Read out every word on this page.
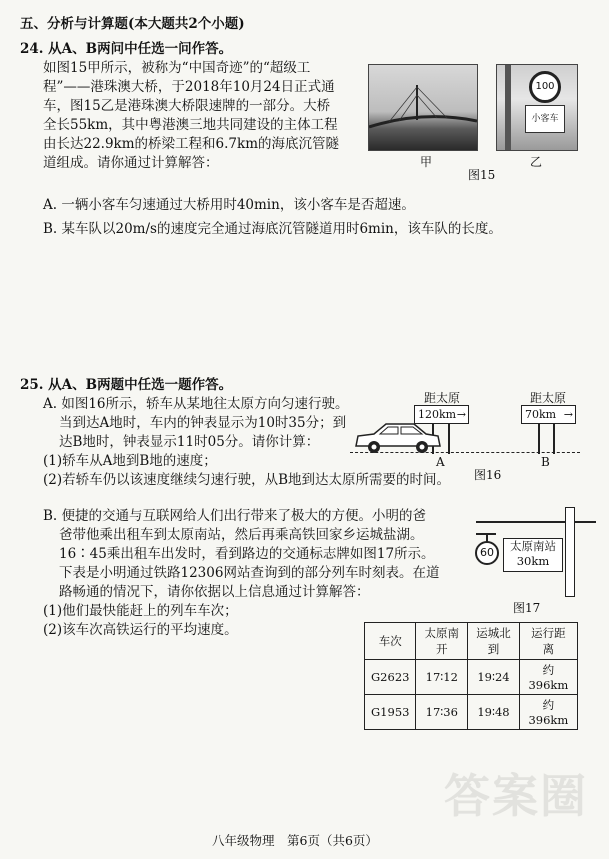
五、分析与计算题(本大题共2个小题)
24. 从A、B两问中任选一问作答。
如图15甲所示，被称为“中国奇迹”的“超级工
程”——港珠澳大桥，于2018年10月24日正式通
车，图15乙是港珠澳大桥限速牌的一部分。大桥
全长55km，其中粤港澳三地共同建设的主体工程
由长达22.9km的桥梁工程和6.7km的海底沉管隧
道组成。请你通过计算解答：
A. 一辆小客车匀速通过大桥用时40min，该小客车是否超速。
B. 某车队以20m/s的速度完全通过海底沉管隧道用时6min，该车队的长度。
100
小客车
甲	乙
图15
25. 从A、B两题中任选一题作答。
A. 如图16所示，轿车从某地往太原方向匀速行驶。
当到达A地时，车内的钟表显示为10时35分；到
达B地时，钟表显示11时05分。请你计算：
(1)轿车从A地到B地的速度；
(2)若轿车仍以该速度继续匀速行驶，从B地到达太原所需要的时间。
B. 便捷的交通与互联网给人们出行带来了极大的方便。小明的爸
爸带他乘出租车到太原南站，然后再乘高铁回家乡运城盐湖。
16∶45乘出租车出发时，看到路边的交通标志牌如图17所示。
下表是小明通过铁路12306网站查询到的部分列车时刻表。在道
路畅通的情况下，请你依据以上信息通过计算解答：
(1)他们最快能赶上的列车车次；
(2)该车次高铁运行的平均速度。
距太原
120km →
距太原
70km →
A	B
图16
60	太原南站
30km
图17
车次	太原南开	运城北到	运行距离
G2623	17∶12	19∶24	约396km
G1953	17∶36	19∶48	约396km
答案圈
八年级物理　第6页（共6页）
